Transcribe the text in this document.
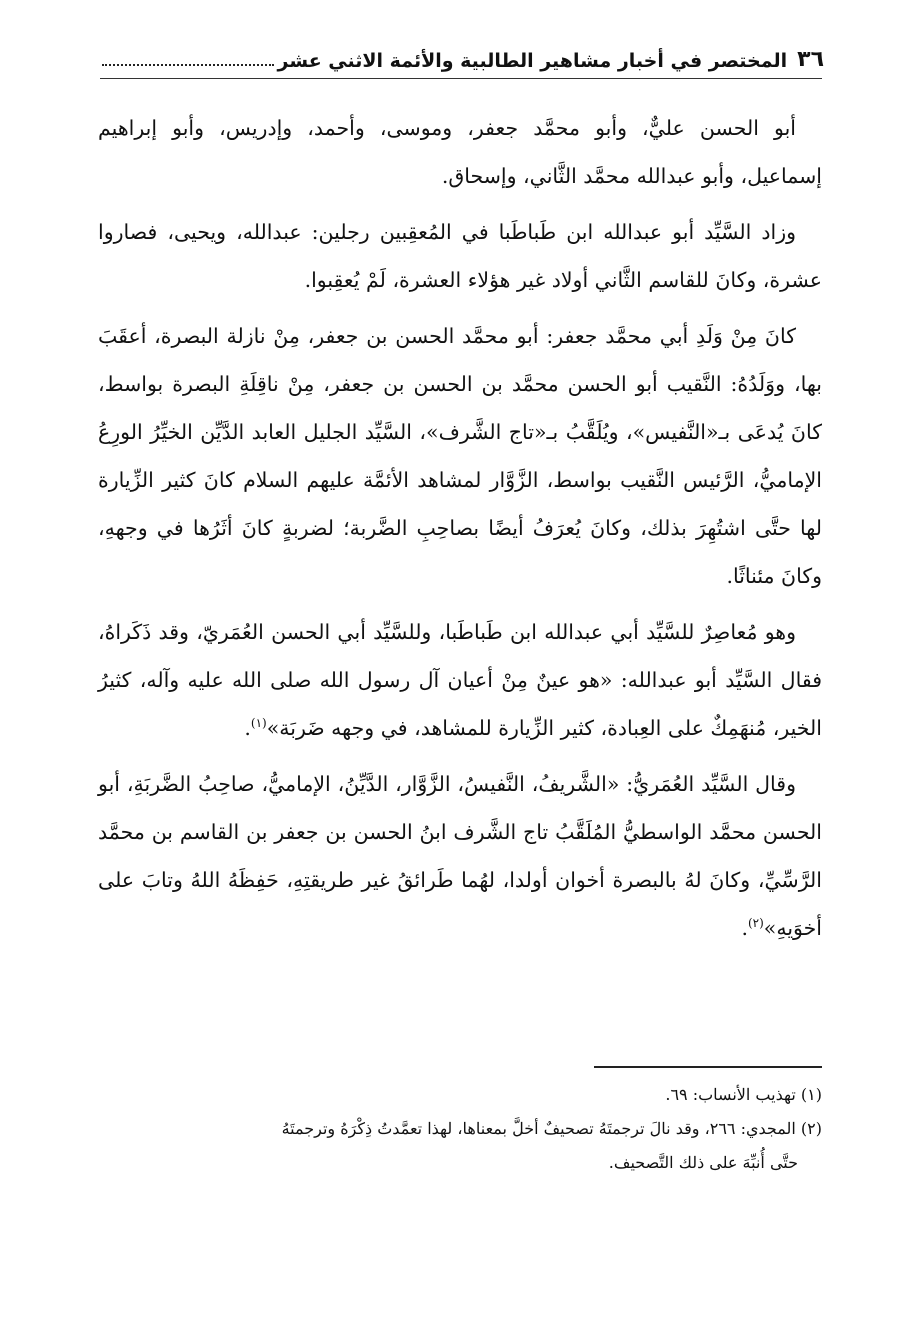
٣٦
المختصر في أخبار مشاهير الطالبية والأئمة الاثني عشر

أبو الحسن عليٌّ، وأبو محمَّد جعفر، وموسى، وأحمد، وإدريس، وأبو إبراهيم إسماعيل، وأبو عبدالله محمَّد الثَّاني، وإسحاق.

وزاد السَّيِّد أبو عبدالله ابن طَباطَبا في المُعقِبين رجلين: عبدالله، ويحيى، فصاروا عشرة، وكانَ للقاسم الثَّاني أولاد غير هؤلاء العشرة، لَمْ يُعقِبوا.

كانَ مِنْ وَلَدِ أبي محمَّد جعفر: أبو محمَّد الحسن بن جعفر، مِنْ نازلة البصرة، أعقَبَ بها، ووَلَدُهُ: النَّقيب أبو الحسن محمَّد بن الحسن بن جعفر، مِنْ ناقِلَةِ البصرة بواسط، كانَ يُدعَى بـ«النَّفيس»، ويُلَقَّبُ بـ«تاج الشَّرف»، السَّيِّد الجليل العابد الدَّيِّن الخيِّرُ الورِعُ الإماميُّ، الرَّئيس النَّقيب بواسط، الزَّوَّار لمشاهد الأئمَّة عليهم السلام كانَ كثير الزِّيارة لها حتَّى اشتُهِرَ بذلك، وكانَ يُعرَفُ أيضًا بصاحِبِ الضَّربة؛ لضربةٍ كانَ أثَرُها في وجههِ، وكانَ مئناثًا.

وهو مُعاصِرٌ للسَّيِّد أبي عبدالله ابن طَباطَبا، وللسَّيِّد أبي الحسن العُمَريّ، وقد ذَكَراهُ، فقال السَّيِّد أبو عبدالله: «هو عينٌ مِنْ أعيان آل رسول الله صلى الله عليه وآله، كثيرُ الخير، مُنهَمِكٌ على العِبادة، كثير الزِّيارة للمشاهد، في وجهه ضَربَة»$^{(١)}$.

وقال السَّيِّد العُمَريُّ: «الشَّريفُ، النَّفيسُ، الزَّوَّار، الدَّيِّنُ، الإماميُّ، صاحِبُ الضَّربَةِ، أبو الحسن محمَّد الواسطيُّ المُلَقَّبُ تاج الشَّرف ابنُ الحسن بن جعفر بن القاسم بن محمَّد الرَّسِّيِّ، وكانَ لهُ بالبصرة أخوان أولدا، لهُما طَرائقُ غير طريقتِهِ، حَفِظَهُ اللهُ وتابَ على أخوَيهِ»$^{(٢)}$.

(١) تهذيب الأنساب: ٦٩.

(٢) المجدي: ٢٦٦، وقد نالَ ترجمتَهُ تصحيفٌ أخلَّ بمعناها، لهذا تعمَّدتُ ذِكْرَهُ وترجمتَهُ
حتَّى أُنبِّهَ على ذلك التَّصحيف.
